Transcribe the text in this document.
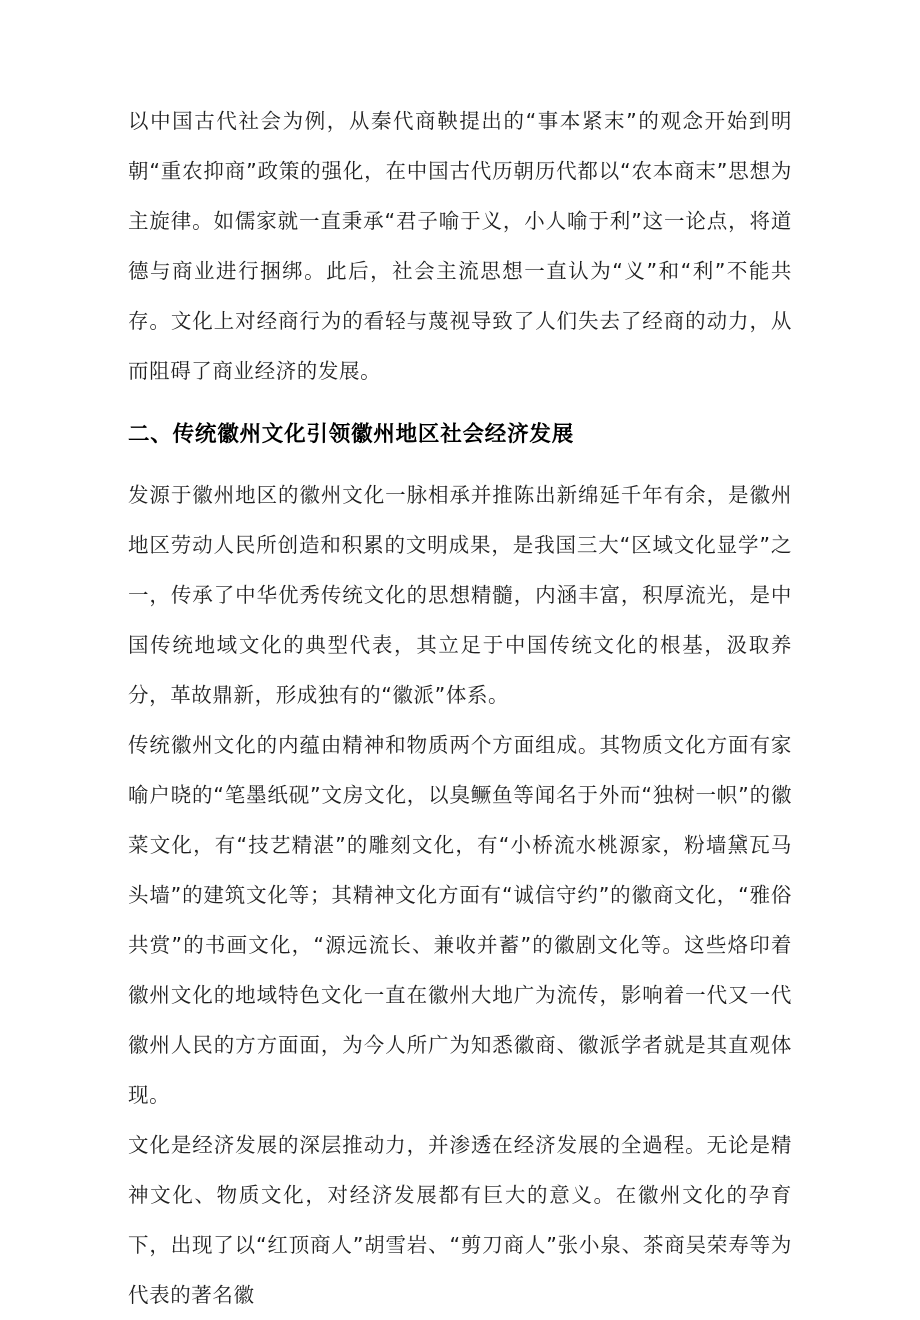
以中国古代社会为例，从秦代商鞅提出的“事本紧末”的观念开始到明朝“重农抑商”政策的强化，在中国古代历朝历代都以“农本商末”思想为主旋律。如儒家就一直秉承“君子喻于义，小人喻于利”这一论点，将道德与商业进行捆绑。此后，社会主流思想一直认为“义”和“利”不能共存。文化上对经商行为的看轻与蔑视导致了人们失去了经商的动力，从而阻碍了商业经济的发展。

二、传统徽州文化引领徽州地区社会经济发展

发源于徽州地区的徽州文化一脉相承并推陈出新绵延千年有余，是徽州地区劳动人民所创造和积累的文明成果，是我国三大“区域文化显学”之一，传承了中华优秀传统文化的思想精髓，内涵丰富，积厚流光，是中国传统地域文化的典型代表，其立足于中国传统文化的根基，汲取养分，革故鼎新，形成独有的“徽派”体系。

传统徽州文化的内蕴由精神和物质两个方面组成。其物质文化方面有家喻户晓的“笔墨纸砚”文房文化，以臭鳜鱼等闻名于外而“独树一帜”的徽菜文化，有“技艺精湛”的雕刻文化，有“小桥流水桃源家，粉墙黛瓦马头墙”的建筑文化等；其精神文化方面有“诚信守约”的徽商文化，“雅俗共赏”的书画文化，“源远流长、兼收并蓄”的徽剧文化等。这些烙印着徽州文化的地域特色文化一直在徽州大地广为流传，影响着一代又一代徽州人民的方方面面，为今人所广为知悉徽商、徽派学者就是其直观体现。

文化是经济发展的深层推动力，并渗透在经济发展的全過程。无论是精神文化、物质文化，对经济发展都有巨大的意义。在徽州文化的孕育下，出现了以“红顶商人”胡雪岩、“剪刀商人”张小泉、茶商吴荣寿等为代表的著名徽
